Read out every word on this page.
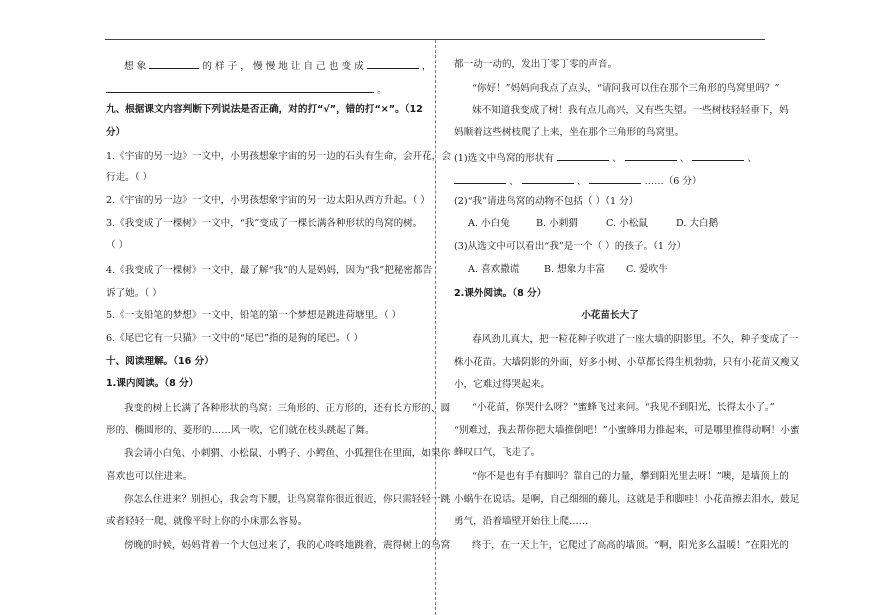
想 象	的 样 子 ， 慢 慢 地 让 自 己 也 变 成	，
。
九、根据课文内容判断下列说法是否正确，对的打“√”，错的打“×”。（12
分）
1.《宇宙的另一边》一文中，小男孩想象宇宙的另一边的石头有生命，会开花，会
行走。（ ）
2.《宇宙的另一边》一文中，小男孩想象宇宙的另一边太阳从西方升起。（ ）
3.《我变成了一棵树》一文中，“我”变成了一棵长满各种形状的鸟窝的树。
（ ）
4.《我变成了一棵树》一文中，最了解“我”的人是妈妈，因为“我”把秘密都告
诉了她。（ ）
5.《一支铅笔的梦想》一文中，铅笔的第一个梦想是跳进荷塘里。（ ）
6.《尾巴它有一只猫》一文中的“尾巴”指的是狗的尾巴。（ ）
十、阅读理解。（16 分）
1.课内阅读。（8 分）
我变的树上长满了各种形状的鸟窝：三角形的、正方形的，还有长方形的、圆
形的、椭圆形的、菱形的……风一吹，它们就在枝头跳起了舞。
我会请小白兔、小刺猬、小松鼠、小鸭子、小鳄鱼、小狐狸住在里面，如果你
喜欢也可以住进来。
你怎么住进来？别担心，我会弯下腰，让鸟窝靠你很近很近，你只需轻轻一跳
或者轻轻一爬，就像平时上你的小床那么容易。
傍晚的时候，妈妈背着一个大包过来了，我的心咚咚地跳着，震得树上的鸟窝
都一动一动的，发出丁零丁零的声音。
“你好！”妈妈向我点了点头，“请问我可以住在那个三角形的鸟窝里吗？”
妹不知道我变成了树！我有点儿高兴，又有些失望。一些树枝轻轻垂下，妈
妈顺着这些树枝爬了上来，坐在那个三角形的鸟窝里。
(1)选文中鸟窝的形状有	、	、	、
、	、	……（6 分）
(2)“我”请进鸟窝的动物不包括（ ）（1 分）
A. 小白兔	B. 小刺猬	C. 小松鼠	D. 大白鹅
(3)从选文中可以看出“我”是一个（ ）的孩子。（1 分）
A. 喜欢撒谎	B. 想象力丰富 C. 爱吹牛
2.课外阅读。（8 分）
小花苗长大了
春风劲儿真大，把一粒花种子吹进了一座大墙的阴影里。不久，种子变成了一
株小花苗。大墙阴影的外面，好多小树、小草都长得生机勃勃，只有小花苗又瘦又
小，它难过得哭起来。
“小花苗，你哭什么呀？”蜜蜂飞过来问。“我见不到阳光，长得太小了。”
“别难过，我去帮你把大墙推倒吧！”小蜜蜂用力推起来，可是哪里推得动啊！小蜜
蜂叹口气，飞走了。
“你不是也有手有脚吗？靠自己的力量，攀到阳光里去呀！”噢，是墙顶上的
小蜗牛在说话。是啊，自己细细的藤儿，这就是手和脚哇！小花苗擦去泪水，鼓足
勇气，沿着墙壁开始往上爬……
终于，在一天上午，它爬过了高高的墙顶。“啊，阳光多么温暖！”在阳光的
